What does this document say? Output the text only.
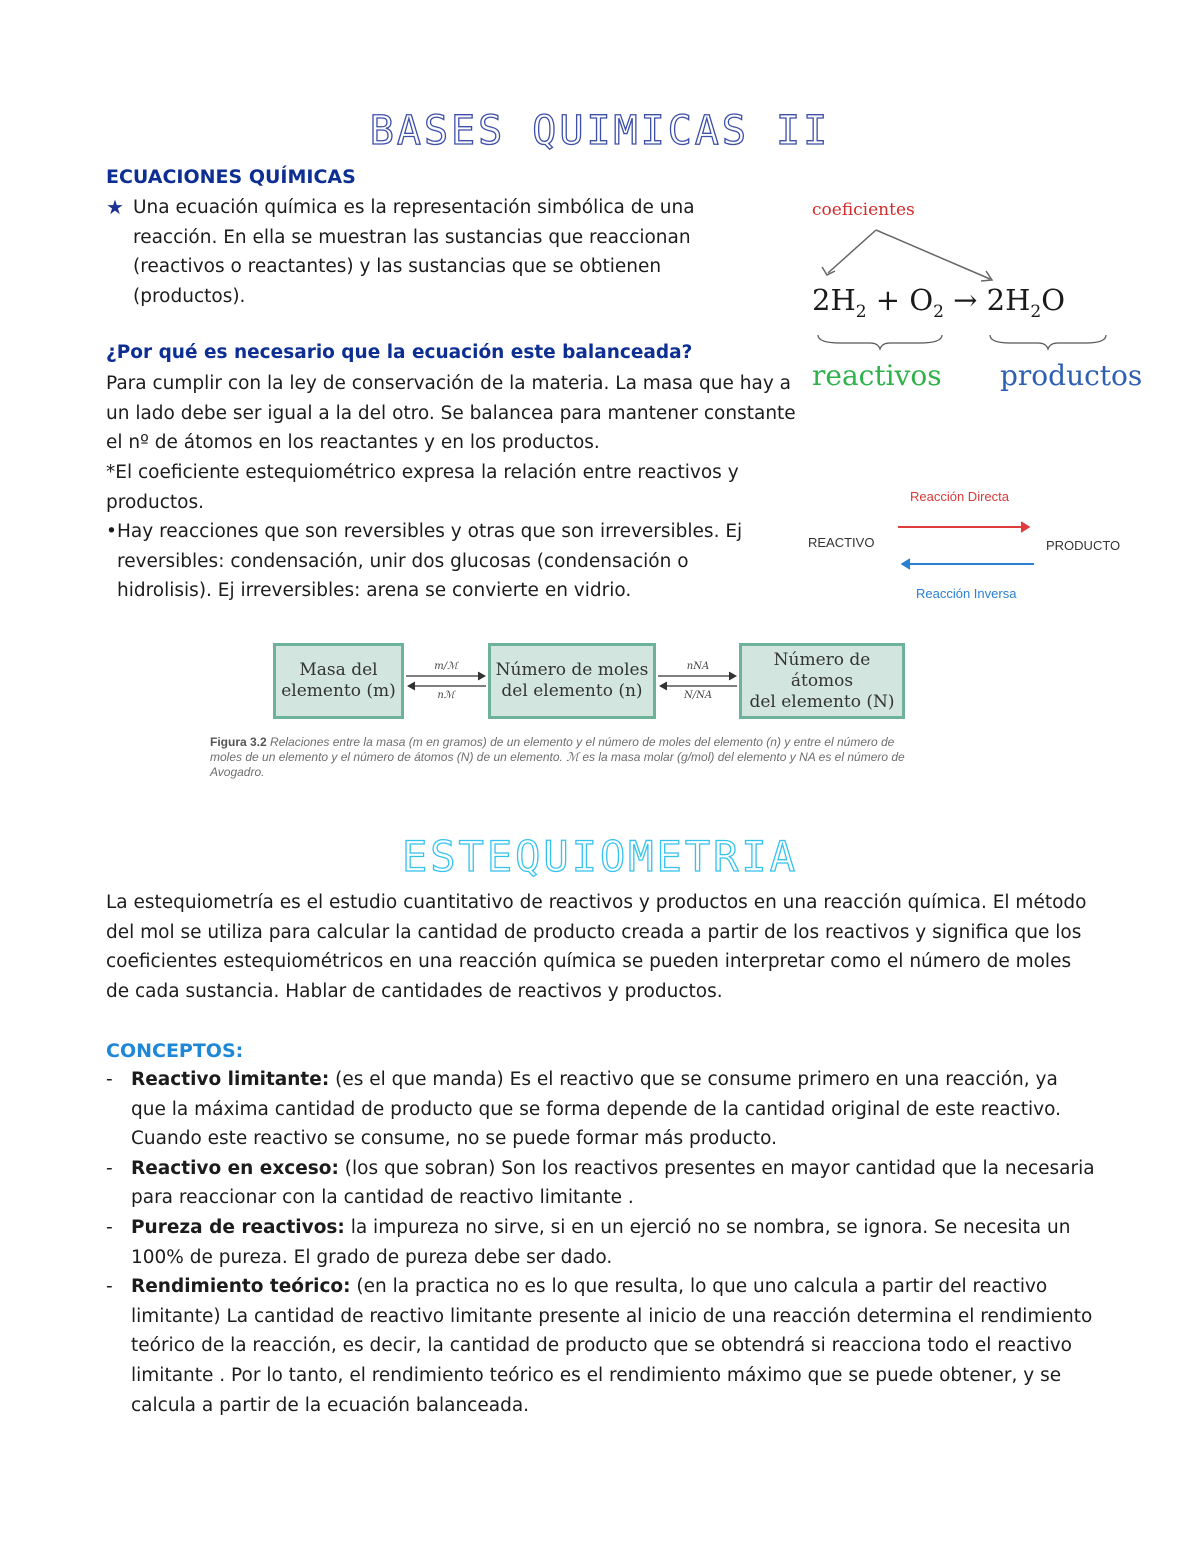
BASES QUIMICAS II
ECUACIONES QUÍMICAS
★ Una ecuación química es la representación simbólica de una reacción. En ella se muestran las sustancias que reaccionan (reactivos o reactantes) y las sustancias que se obtienen (productos).
¿Por qué es necesario que la ecuación este balanceada?
Para cumplir con la ley de conservación de la materia. La masa que hay a un lado debe ser igual a la del otro. Se balancea para mantener constante el nº de átomos en los reactantes y en los productos.
*El coeficiente estequiométrico expresa la relación entre reactivos y productos.
• Hay reacciones que son reversibles y otras que son irreversibles. Ej reversibles: condensación, unir dos glucosas (condensación o hidrolisis). Ej irreversibles: arena se convierte en vidrio.
coeficientes
$2H_2 + O_2 \to 2H_2O$
reactivos productos
Reacción Directa
REACTIVO	PRODUCTO
Reacción Inversa
Masa del
elemento (m)
Número de moles
del elemento (n)
Número de átomos
del elemento (N)
m/ℳ
nℳ
nNA
N/NA
Figura 3.2 Relaciones entre la masa (m en gramos) de un elemento y el número de moles del elemento (n) y entre el número de moles de un elemento y el número de átomos (N) de un elemento. ℳ es la masa molar (g/mol) del elemento y NA es el número de Avogadro.
ESTEQUIOMETRIA
La estequiometría es el estudio cuantitativo de reactivos y productos en una reacción química. El método del mol se utiliza para calcular la cantidad de producto creada a partir de los reactivos y significa que los coeficientes estequiométricos en una reacción química se pueden interpretar como el número de moles de cada sustancia. Hablar de cantidades de reactivos y productos.
CONCEPTOS:
- Reactivo limitante: (es el que manda) Es el reactivo que se consume primero en una reacción, ya que la máxima cantidad de producto que se forma depende de la cantidad original de este reactivo. Cuando este reactivo se consume, no se puede formar más producto.
- Reactivo en exceso: (los que sobran) Son los reactivos presentes en mayor cantidad que la necesaria para reaccionar con la cantidad de reactivo limitante .
- Pureza de reactivos: la impureza no sirve, si en un ejerció no se nombra, se ignora. Se necesita un 100% de pureza. El grado de pureza debe ser dado.
- Rendimiento teórico: (en la practica no es lo que resulta, lo que uno calcula a partir del reactivo limitante) La cantidad de reactivo limitante presente al inicio de una reacción determina el rendimiento teórico de la reacción, es decir, la cantidad de producto que se obtendrá si reacciona todo el reactivo limitante . Por lo tanto, el rendimiento teórico es el rendimiento máximo que se puede obtener, y se calcula a partir de la ecuación balanceada.
